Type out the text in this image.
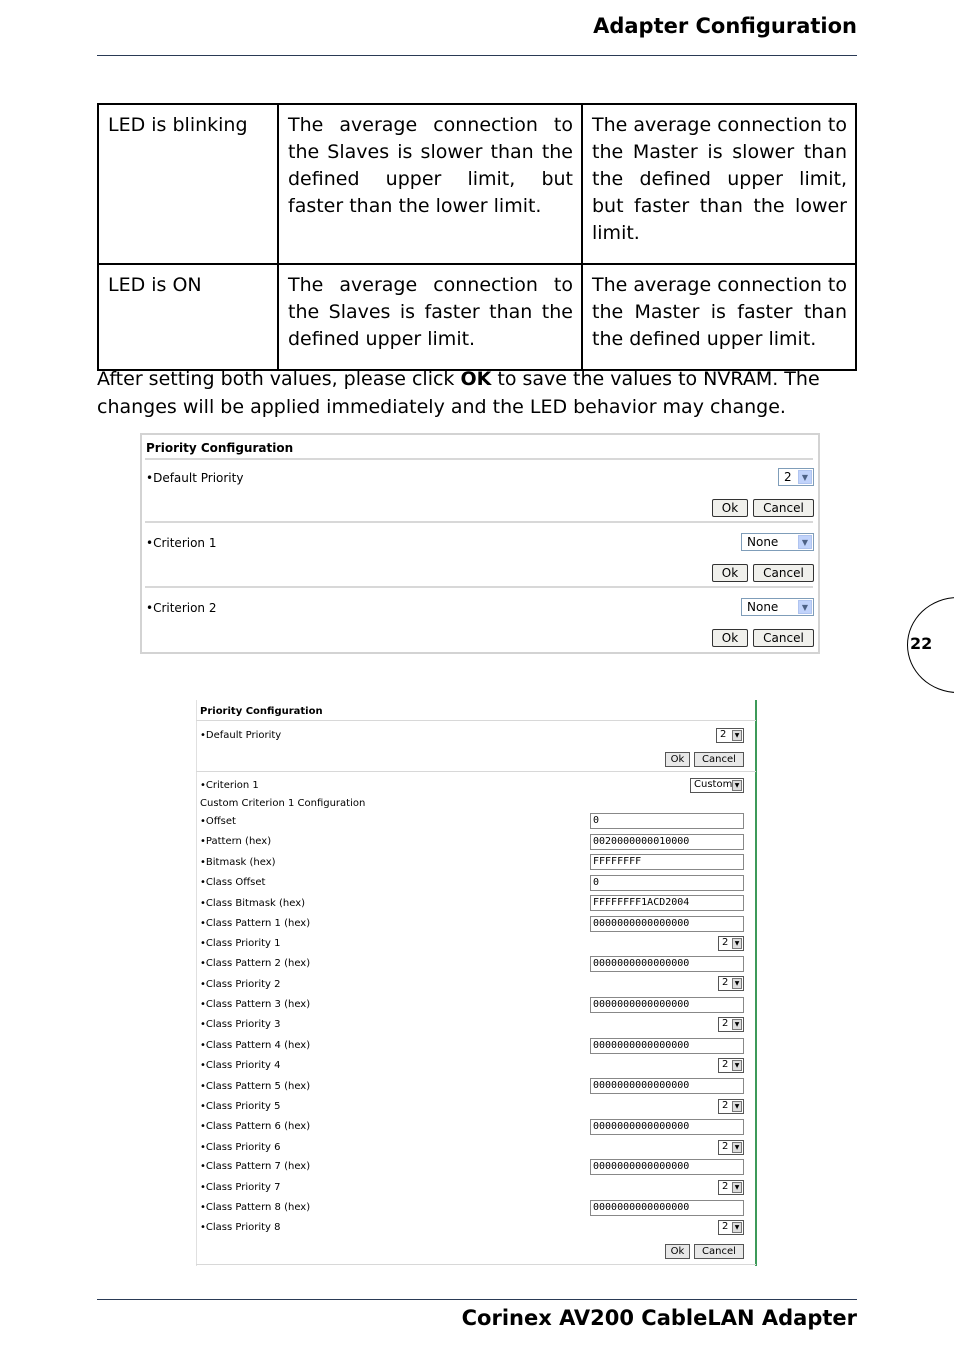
Adapter Configuration
LED is blinking	The average connection to the Slaves is slower than the defined upper limit, but faster than the lower limit.	The average connection to the Master is slower than the defined upper limit, but faster than the lower limit.
LED is ON	The average connection to the Slaves is faster than the defined upper limit.	The average connection to the Master is faster than the defined upper limit.
After setting both values, please click OK to save the values to NVRAM. The changes will be applied immediately and the LED behavior may change.
Priority Configuration
•Default Priority	2	▼
Ok	Cancel
•Criterion 1	None	▼
Ok	Cancel
•Criterion 2	None	▼
Ok	Cancel
Priority Configuration
•Default Priority	2	▼
Ok	Cancel
•Criterion 1	Custom ▼
Custom Criterion 1 Configuration
•Offset	0
•Pattern (hex)	0020000000010000
•Bitmask (hex)	FFFFFFFF
•Class Offset	0
•Class Bitmask (hex)	FFFFFFFF1ACD2004
•Class Pattern 1 (hex)	0000000000000000
•Class Priority 1	2	▼
•Class Pattern 2 (hex)	0000000000000000
•Class Priority 2	2	▼
•Class Pattern 3 (hex)	0000000000000000
•Class Priority 3	2	▼
•Class Pattern 4 (hex)	0000000000000000
•Class Priority 4	2	▼
•Class Pattern 5 (hex)	0000000000000000
•Class Priority 5	2	▼
•Class Pattern 6 (hex)	0000000000000000
•Class Priority 6	2	▼
•Class Pattern 7 (hex)	0000000000000000
•Class Priority 7	2	▼
•Class Pattern 8 (hex)	0000000000000000
•Class Priority 8	2	▼
Ok	Cancel
22
Corinex AV200 CableLAN Adapter
